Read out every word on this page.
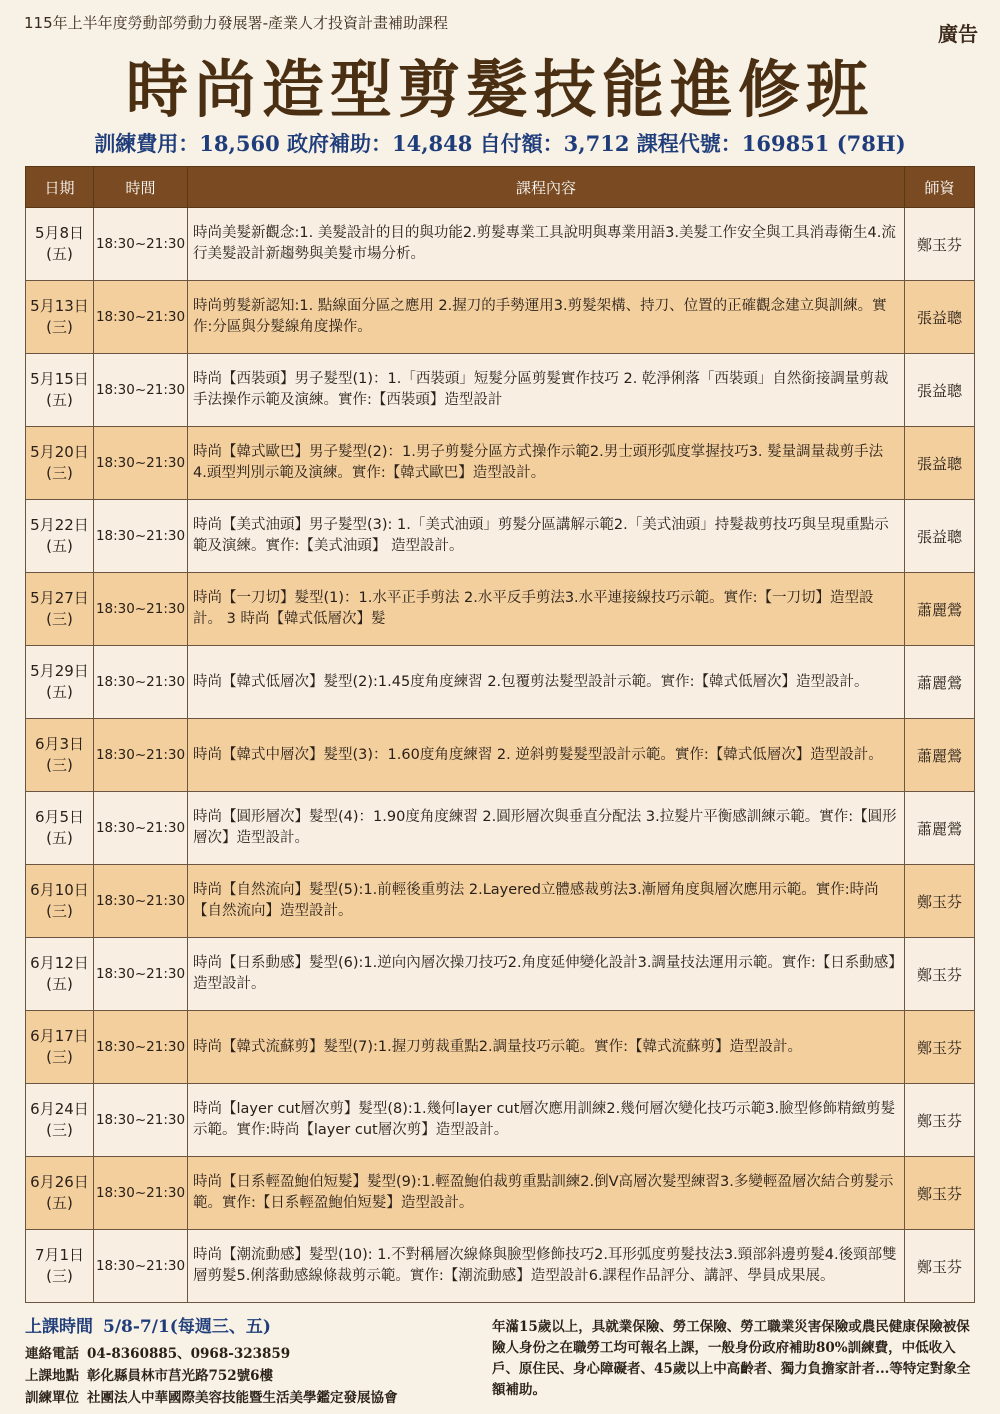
115年上半年度勞動部勞動力發展署-產業人才投資計畫補助課程	廣告
時尚造型剪髮技能進修班
訓練費用：18,560 政府補助：14,848 自付額：3,712 課程代號：169851 (78H)
日期	時間	課程內容	師資

5月8日
(五)	18:30~21:30	時尚美髮新觀念:1. 美髮設計的目的與功能2.剪髮專業工具說明與專業用語3.美髮工作安全與工具消毒衛生4.流行美髮設計新趨勢與美髮市場分析。	鄭玉芬

5月13日
(三)	18:30~21:30	時尚剪髮新認知:1. 點線面分區之應用 2.握刀的手勢運用3.剪髮架構、持刀、位置的正確觀念建立與訓練。實作:分區與分髮線角度操作。	張益聰

5月15日
(五)	18:30~21:30	時尚【西裝頭】男子髮型(1)：1.「西裝頭」短髮分區剪髮實作技巧 2. 乾淨俐落「西裝頭」自然銜接調量剪裁手法操作示範及演練。實作:【西裝頭】造型設計	張益聰

5月20日
(三)	18:30~21:30	時尚【韓式歐巴】男子髮型(2)：1.男子剪髮分區方式操作示範2.男士頭形弧度掌握技巧3. 髮量調量裁剪手法 4.頭型判別示範及演練。實作:【韓式歐巴】造型設計。	張益聰

5月22日
(五)	18:30~21:30	時尚【美式油頭】男子髮型(3): 1.「美式油頭」剪髮分區講解示範2.「美式油頭」持髮裁剪技巧與呈現重點示範及演練。實作:【美式油頭】 造型設計。	張益聰

5月27日
(三)	18:30~21:30	時尚【一刀切】髮型(1)：1.水平正手剪法 2.水平反手剪法3.水平連接線技巧示範。實作:【一刀切】造型設計。 3 時尚【韓式低層次】髮	蕭麗鶯

5月29日
(五)	18:30~21:30	時尚【韓式低層次】髮型(2):1.45度角度練習 2.包覆剪法髮型設計示範。實作:【韓式低層次】造型設計。	蕭麗鶯

6月3日
(三)	18:30~21:30	時尚【韓式中層次】髮型(3)：1.60度角度練習 2. 逆斜剪髮髮型設計示範。實作:【韓式低層次】造型設計。	蕭麗鶯

6月5日
(五)	18:30~21:30	時尚【圓形層次】髮型(4)：1.90度角度練習 2.圓形層次與垂直分配法 3.拉髮片平衡感訓練示範。實作:【圓形層次】造型設計。	蕭麗鶯

6月10日
(三)	18:30~21:30	時尚【自然流向】髮型(5):1.前輕後重剪法 2.Layered立體感裁剪法3.漸層角度與層次應用示範。實作:時尚【自然流向】造型設計。	鄭玉芬

6月12日
(五)	18:30~21:30	時尚【日系動感】髮型(6):1.逆向內層次操刀技巧2.角度延伸變化設計3.調量技法運用示範。實作:【日系動感】造型設計。	鄭玉芬

6月17日
(三)	18:30~21:30	時尚【韓式流蘇剪】髮型(7):1.握刀剪裁重點2.調量技巧示範。實作:【韓式流蘇剪】造型設計。	鄭玉芬

6月24日
(三)	18:30~21:30	時尚【layer cut層次剪】髮型(8):1.幾何layer cut層次應用訓練2.幾何層次變化技巧示範3.臉型修飾精緻剪髮示範。實作:時尚【layer cut層次剪】造型設計。	鄭玉芬

6月26日
(五)	18:30~21:30	時尚【日系輕盈鮑伯短髮】髮型(9):1.輕盈鮑伯裁剪重點訓練2.倒V高層次髮型練習3.多變輕盈層次結合剪髮示範。實作:【日系輕盈鮑伯短髮】造型設計。	鄭玉芬

7月1日
(三)	18:30~21:30	時尚【潮流動感】髮型(10): 1.不對稱層次線條與臉型修飾技巧2.耳形弧度剪髮技法3.頸部斜邊剪髮4.後頸部雙層剪髮5.俐落動感線條裁剪示範。實作:【潮流動感】造型設計6.課程作品評分、講評、學員成果展。	鄭玉芬
上課時間 5/8-7/1(每週三、五)
連絡電話 04-8360885、0968-323859
上課地點 彰化縣員林市莒光路752號6樓
訓練單位 社團法人中華國際美容技能暨生活美學鑑定發展協會
年滿15歲以上，具就業保險、勞工保險、勞工職業災害保險或農民健康保險被保險人身份之在職勞工均可報名上課，一般身份政府補助80%訓練費，中低收入戶、原住民、身心障礙者、45歲以上中高齡者、獨力負擔家計者...等特定對象全額補助。
